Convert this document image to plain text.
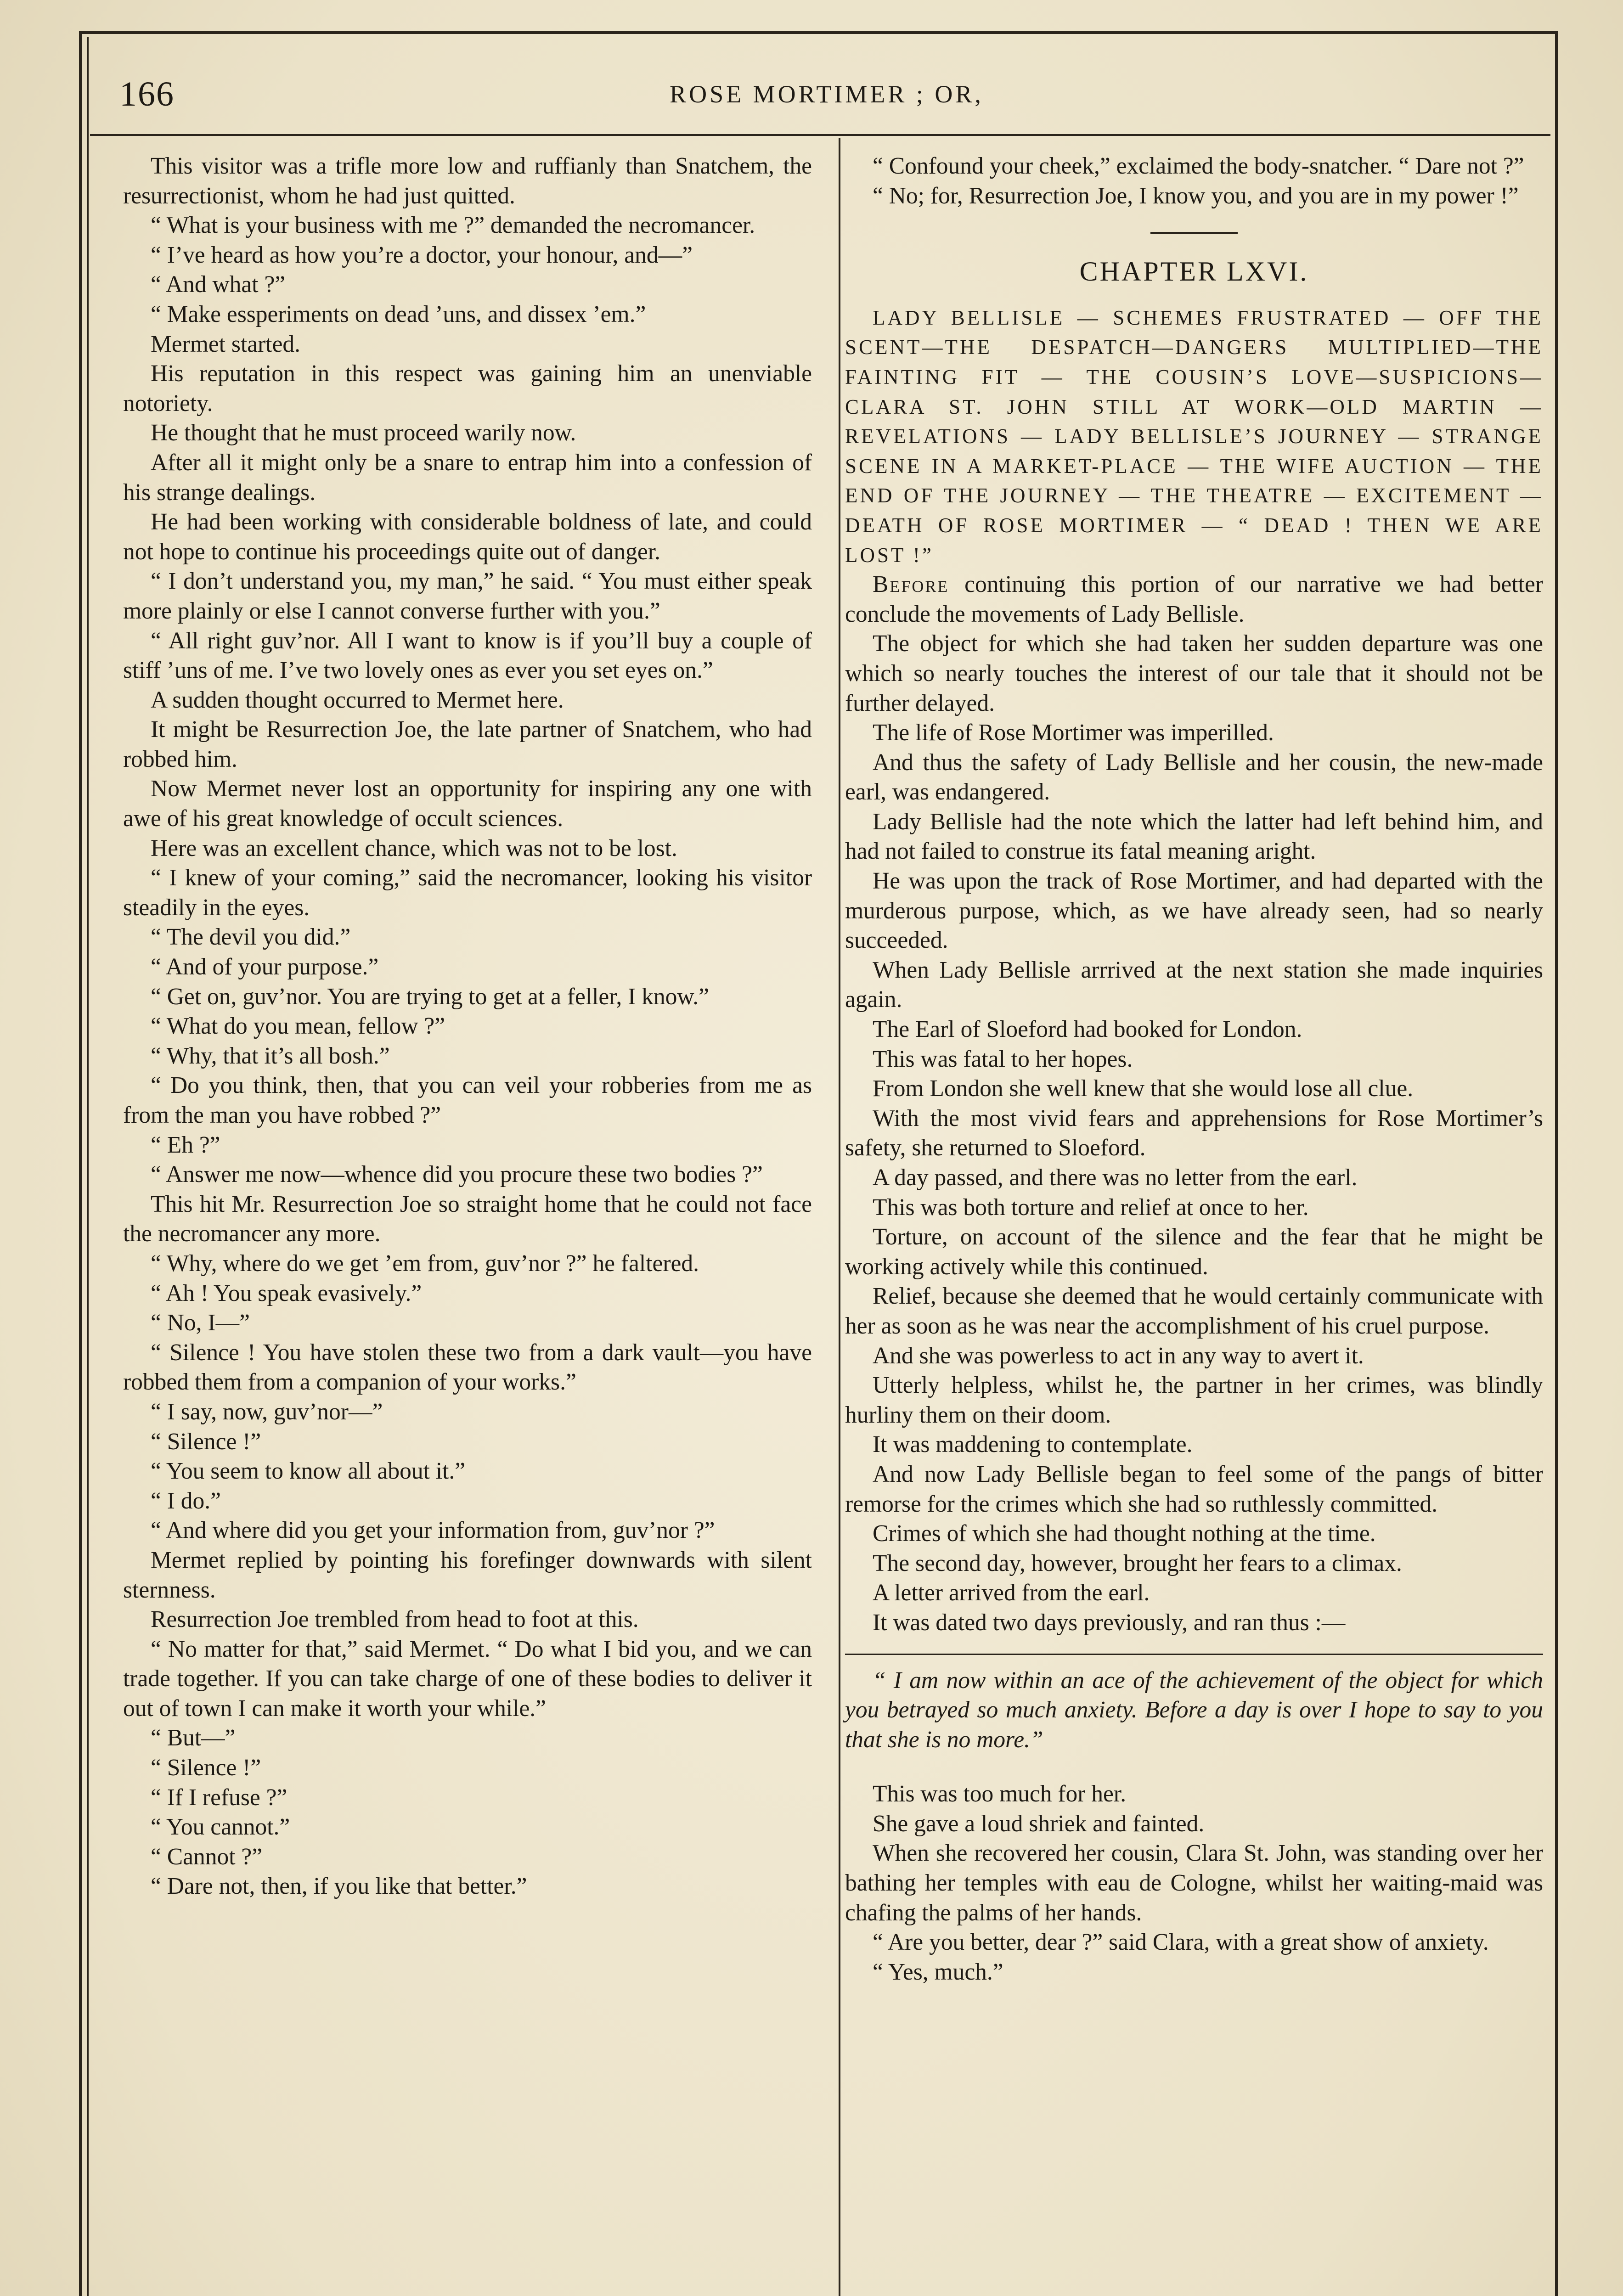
166	ROSE MORTIMER ; OR,

This visitor was a trifle more low and ruffianly than Snatchem, the resurrectionist, whom he had just quitted.

“ What is your business with me ?” demanded the necromancer.

“ I’ve heard as how you’re a doctor, your honour, and—”

“ And what ?”

“ Make essperiments on dead ’uns, and dissex ’em.”

Mermet started.

His reputation in this respect was gaining him an unenviable notoriety.

He thought that he must proceed warily now.

After all it might only be a snare to entrap him into a confession of his strange dealings.

He had been working with considerable boldness of late, and could not hope to continue his proceedings quite out of danger.

“ I don’t understand you, my man,” he said. “ You must either speak more plainly or else I cannot converse further with you.”

“ All right guv’nor. All I want to know is if you’ll buy a couple of stiff ’uns of me. I’ve two lovely ones as ever you set eyes on.”

A sudden thought occurred to Mermet here.

It might be Resurrection Joe, the late partner of Snatchem, who had robbed him.

Now Mermet never lost an opportunity for inspiring any one with awe of his great knowledge of occult sciences.

Here was an excellent chance, which was not to be lost.

“ I knew of your coming,” said the necromancer, looking his visitor steadily in the eyes.

“ The devil you did.”

“ And of your purpose.”

“ Get on, guv’nor. You are trying to get at a feller, I know.”

“ What do you mean, fellow ?”

“ Why, that it’s all bosh.”

“ Do you think, then, that you can veil your robberies from me as from the man you have robbed ?”

“ Eh ?”

“ Answer me now—whence did you procure these two bodies ?”

This hit Mr. Resurrection Joe so straight home that he could not face the necromancer any more.

“ Why, where do we get ’em from, guv’nor ?” he faltered.

“ Ah ! You speak evasively.”

“ No, I—”

“ Silence ! You have stolen these two from a dark vault—you have robbed them from a companion of your works.”

“ I say, now, guv’nor—”

“ Silence !”

“ You seem to know all about it.”

“ I do.”

“ And where did you get your information from, guv’nor ?”

Mermet replied by pointing his forefinger downwards with silent sternness.

Resurrection Joe trembled from head to foot at this.

“ No matter for that,” said Mermet. “ Do what I bid you, and we can trade together. If you can take charge of one of these bodies to deliver it out of town I can make it worth your while.”

“ But—”

“ Silence !”

“ If I refuse ?”

“ You cannot.”

“ Cannot ?”

“ Dare not, then, if you like that better.”

“ Confound your cheek,” exclaimed the body-snatcher. “ Dare not ?”

“ No; for, Resurrection Joe, I know you, and you are in my power !”

CHAPTER LXVI.

LADY BELLISLE — SCHEMES FRUSTRATED — OFF THE SCENT—THE DESPATCH—DANGERS MULTIPLIED—THE FAINTING FIT — THE COUSIN’S LOVE—SUSPICIONS—CLARA ST. JOHN STILL AT WORK—OLD MARTIN — REVELATIONS — LADY BELLISLE’S JOURNEY — STRANGE SCENE IN A MARKET-PLACE — THE WIFE AUCTION — THE END OF THE JOURNEY — THE THEATRE — EXCITEMENT — DEATH OF ROSE MORTIMER — “ DEAD ! THEN WE ARE LOST !”

Before continuing this portion of our narrative we had better conclude the movements of Lady Bellisle.

The object for which she had taken her sudden departure was one which so nearly touches the interest of our tale that it should not be further delayed.

The life of Rose Mortimer was imperilled.

And thus the safety of Lady Bellisle and her cousin, the new-made earl, was endangered.

Lady Bellisle had the note which the latter had left behind him, and had not failed to construe its fatal meaning aright.

He was upon the track of Rose Mortimer, and had departed with the murderous purpose, which, as we have already seen, had so nearly succeeded.

When Lady Bellisle arrrived at the next station she made inquiries again.

The Earl of Sloeford had booked for London.

This was fatal to her hopes.

From London she well knew that she would lose all clue.

With the most vivid fears and apprehensions for Rose Mortimer’s safety, she returned to Sloeford.

A day passed, and there was no letter from the earl.

This was both torture and relief at once to her.

Torture, on account of the silence and the fear that he might be working actively while this continued.

Relief, because she deemed that he would certainly communicate with her as soon as he was near the accomplishment of his cruel purpose.

And she was powerless to act in any way to avert it.

Utterly helpless, whilst he, the partner in her crimes, was blindly hurliny them on their doom.

It was maddening to contemplate.

And now Lady Bellisle began to feel some of the pangs of bitter remorse for the crimes which she had so ruthlessly committed.

Crimes of which she had thought nothing at the time.

The second day, however, brought her fears to a climax.

A letter arrived from the earl.

It was dated two days previously, and ran thus :—

“ I am now within an ace of the achievement of the object for which you betrayed so much anxiety. Before a day is over I hope to say to you that she is no more.”

This was too much for her.

She gave a loud shriek and fainted.

When she recovered her cousin, Clara St. John, was standing over her bathing her temples with eau de Cologne, whilst her waiting-maid was chafing the palms of her hands.

“ Are you better, dear ?” said Clara, with a great show of anxiety.

“ Yes, much.”
